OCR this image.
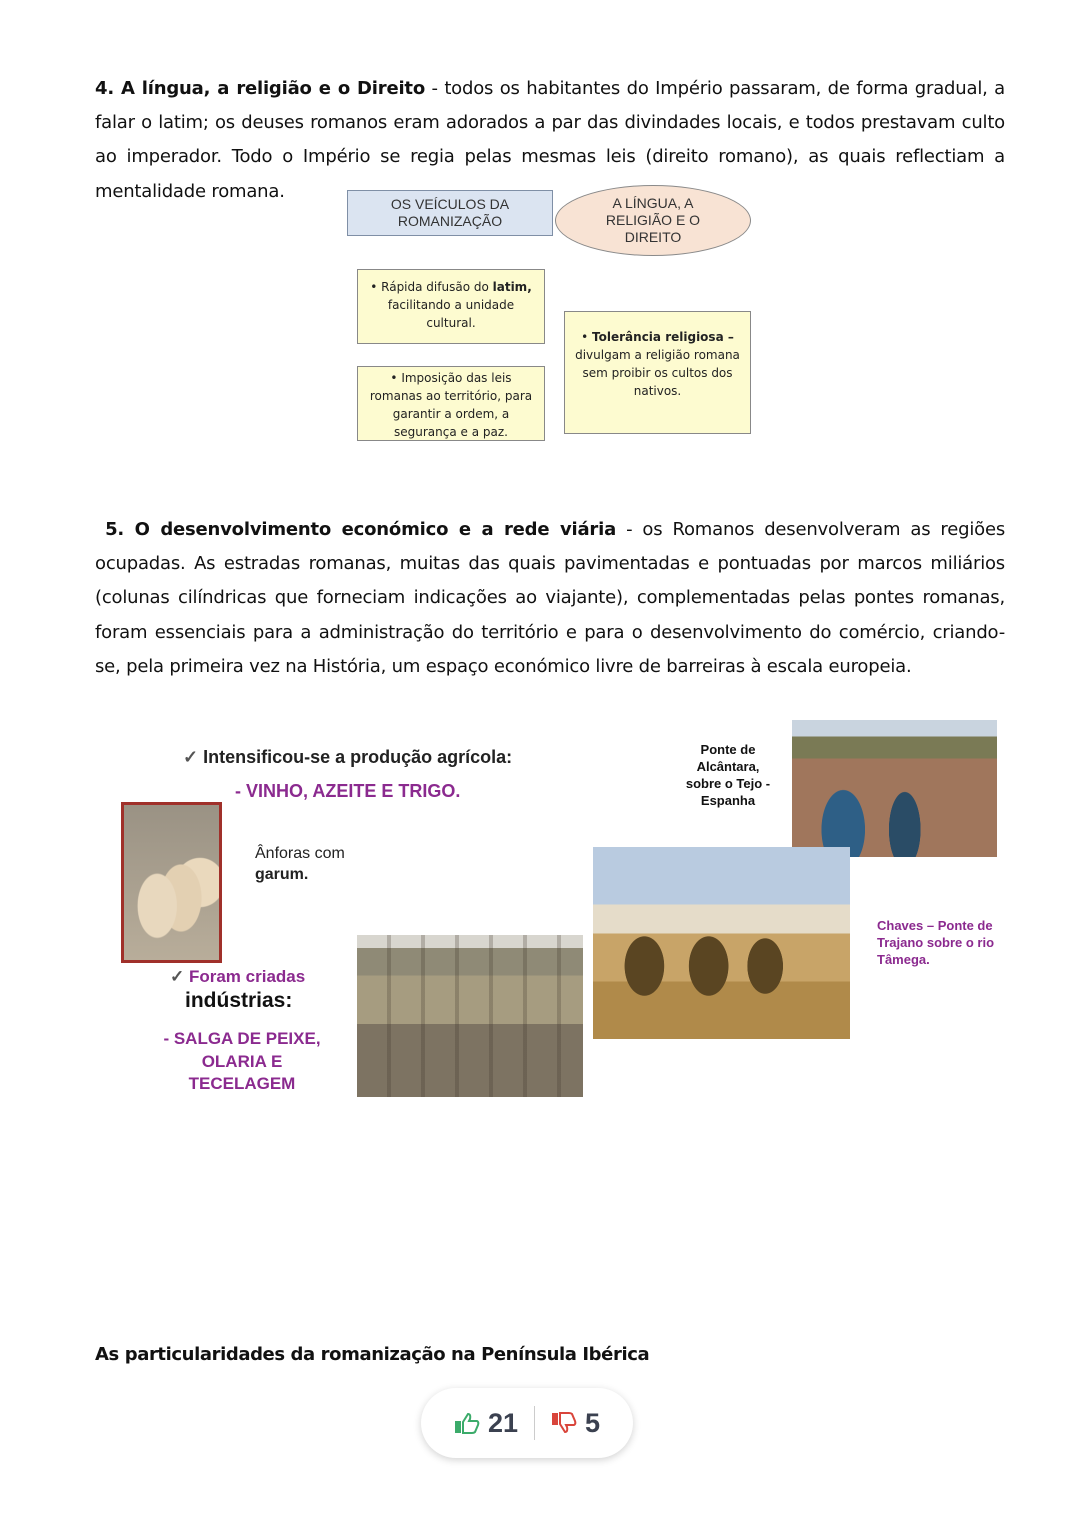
4. A língua, a religião e o Direito - todos os habitantes do Império passaram, de forma gradual, a falar o latim; os deuses romanos eram adorados a par das divindades locais, e todos prestavam culto ao imperador. Todo o Império se regia pelas mesmas leis (direito romano), as quais reflectiam a mentalidade romana.
OS VEÍCULOS DA ROMANIZAÇÃO
A LÍNGUA, A RELIGIÃO E O DIREITO
• Rápida difusão do latim, facilitando a unidade cultural.
• Imposição das leis romanas ao território, para garantir a ordem, a segurança e a paz.
• Tolerância religiosa – divulgam a religião romana sem proibir os cultos dos nativos.
5. O desenvolvimento económico e a rede viária - os Romanos desenvolveram as regiões ocupadas. As estradas romanas, muitas das quais pavimentadas e pontuadas por marcos miliários (colunas cilíndricas que forneciam indicações ao viajante), complementadas pelas pontes romanas, foram essenciais para a administração do território e para o desenvolvimento do comércio, criando-se, pela primeira vez na História, um espaço económico livre de barreiras à escala europeia.
✓ Intensificou-se a produção agrícola:
- VINHO, AZEITE E TRIGO.
Ânforas com
garum.
✓ Foram criadas
indústrias:
- SALGA DE PEIXE,
OLARIA E
TECELAGEM
Ponte de Alcântara, sobre o Tejo - Espanha
Chaves – Ponte de Trajano sobre o rio Tâmega.
As particularidades da romanização na Península Ibérica
21 5
